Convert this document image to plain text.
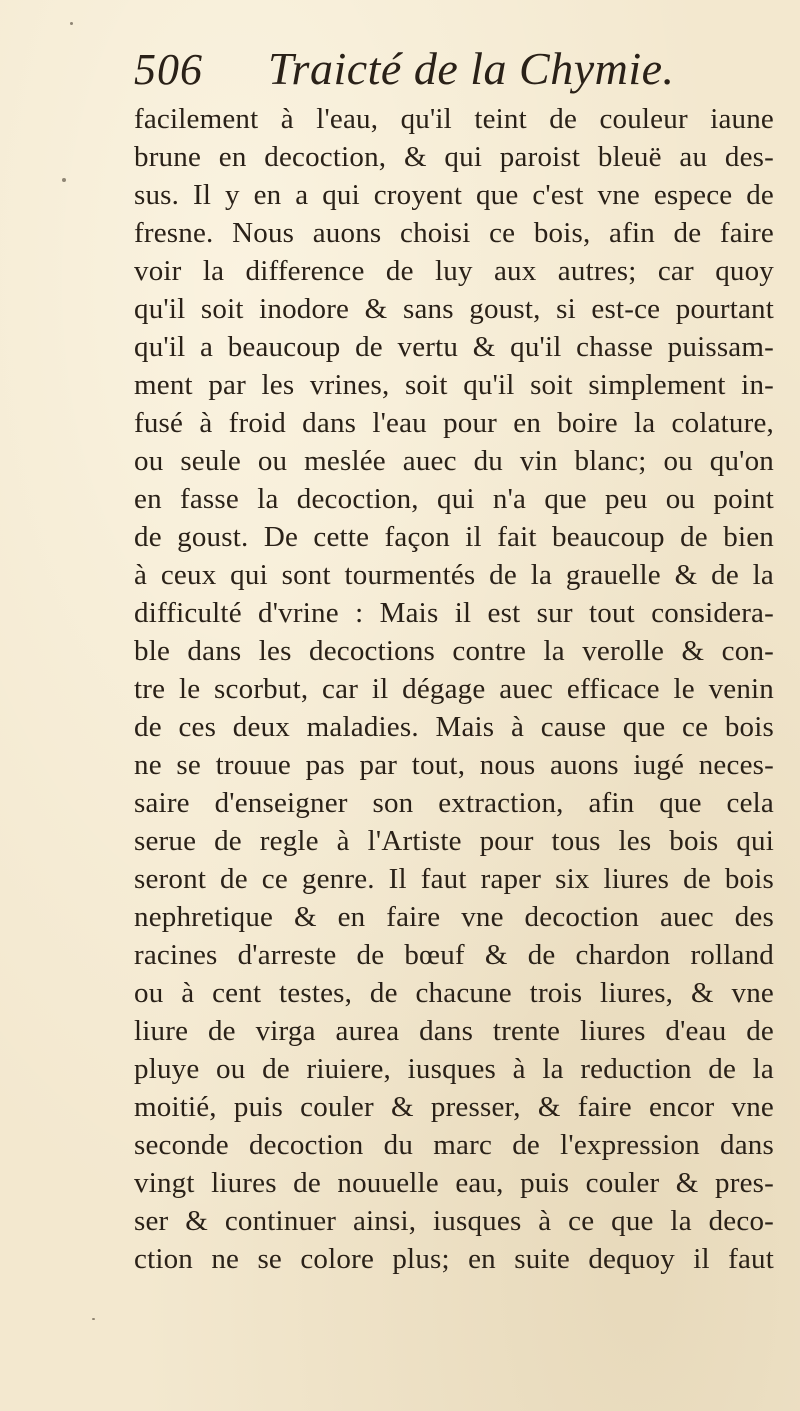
506 Traicté de la Chymie.
facilement à l'eau, qu'il teint de couleur iaune
brune en decoction, & qui paroist bleuë au des-
sus. Il y en a qui croyent que c'est vne espece de
fresne. Nous auons choisi ce bois, afin de faire
voir la difference de luy aux autres; car quoy
qu'il soit inodore & sans goust, si est-ce pourtant
qu'il a beaucoup de vertu & qu'il chasse puissam-
ment par les vrines, soit qu'il soit simplement in-
fusé à froid dans l'eau pour en boire la colature,
ou seule ou meslée auec du vin blanc; ou qu'on
en fasse la decoction, qui n'a que peu ou point
de goust. De cette façon il fait beaucoup de bien
à ceux qui sont tourmentés de la grauelle & de la
difficulté d'vrine : Mais il est sur tout considera-
ble dans les decoctions contre la verolle & con-
tre le scorbut, car il dégage auec efficace le venin
de ces deux maladies. Mais à cause que ce bois
ne se trouue pas par tout, nous auons iugé neces-
saire d'enseigner son extraction, afin que cela
serue de regle à l'Artiste pour tous les bois qui
seront de ce genre. Il faut raper six liures de bois
nephretique & en faire vne decoction auec des
racines d'arreste de bœuf & de chardon rolland
ou à cent testes, de chacune trois liures, & vne
liure de virga aurea dans trente liures d'eau de
pluye ou de riuiere, iusques à la reduction de la
moitié, puis couler & presser, & faire encor vne
seconde decoction du marc de l'expression dans
vingt liures de nouuelle eau, puis couler & pres-
ser & continuer ainsi, iusques à ce que la deco-
ction ne se colore plus; en suite dequoy il faut
